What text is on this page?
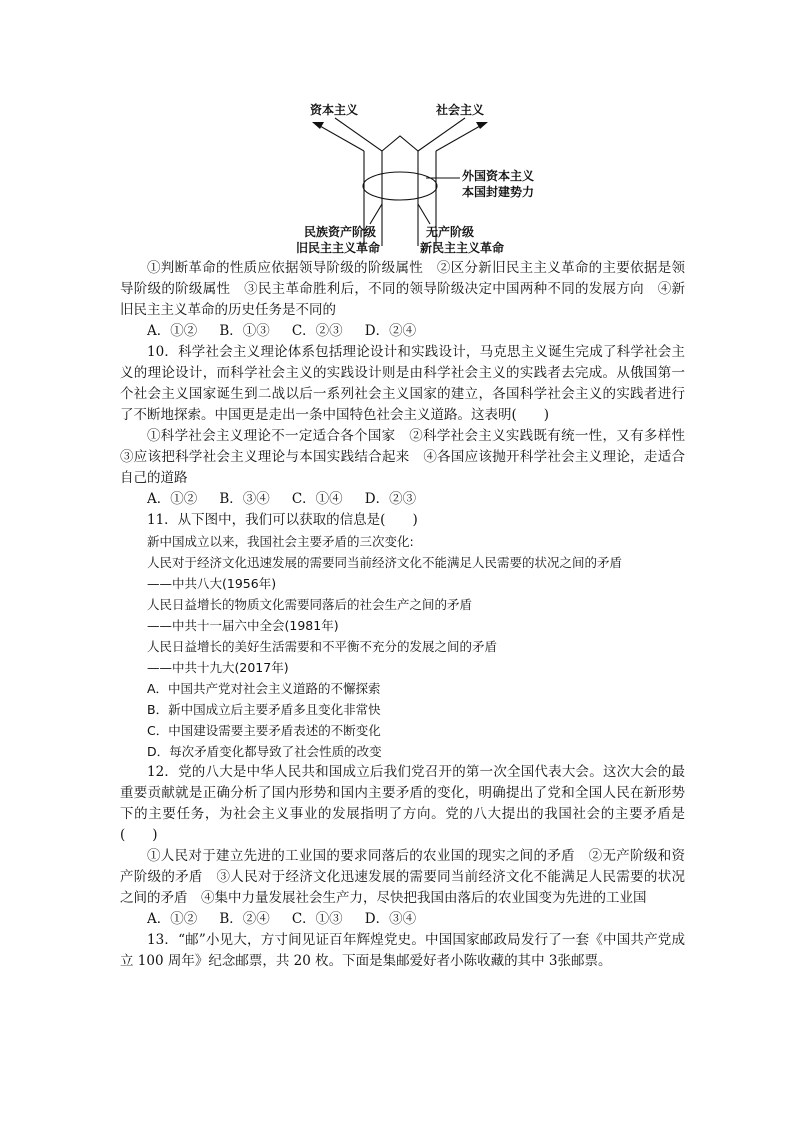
资本主义	社会主义
外国资本主义
本国封建势力
民族资产阶级
旧民主主义革命
无产阶级
新民主主义革命

①判断革命的性质应依据领导阶级的阶级属性　②区分新旧民主主义革命的主要依据是领导阶级的阶级属性　③民主革命胜利后，不同的领导阶级决定中国两种不同的发展方向　④新旧民主主义革命的历史任务是不同的

A．①②　  B．①③　  C．②③　  D．②④

10．科学社会主义理论体系包括理论设计和实践设计，马克思主义诞生完成了科学社会主义的理论设计，而科学社会主义的实践设计则是由科学社会主义的实践者去完成。从俄国第一个社会主义国家诞生到二战以后一系列社会主义国家的建立，各国科学社会主义的实践者进行了不断地探索。中国更是走出一条中国特色社会主义道路。这表明(　　)

①科学社会主义理论不一定适合各个国家　②科学社会主义实践既有统一性，又有多样性　③应该把科学社会主义理论与本国实践结合起来　④各国应该抛开科学社会主义理论，走适合自己的道路

A．①②　  B．③④　  C．①④　  D．②③

11．从下图中，我们可以获取的信息是(　　)

新中国成立以来，我国社会主要矛盾的三次变化:

人民对于经济文化迅速发展的需要同当前经济文化不能满足人民需要的状况之间的矛盾

——中共八大(1956年)

人民日益增长的物质文化需要同落后的社会生产之间的矛盾

——中共十一届六中全会(1981年)

人民日益增长的美好生活需要和不平衡不充分的发展之间的矛盾

——中共十九大(2017年)

A．中国共产党对社会主义道路的不懈探索

B．新中国成立后主要矛盾多且变化非常快

C．中国建设需要主要矛盾表述的不断变化

D．每次矛盾变化都导致了社会性质的改变

12．党的八大是中华人民共和国成立后我们党召开的第一次全国代表大会。这次大会的最重要贡献就是正确分析了国内形势和国内主要矛盾的变化，明确提出了党和全国人民在新形势下的主要任务，为社会主义事业的发展指明了方向。党的八大提出的我国社会的主要矛盾是(　　)

①人民对于建立先进的工业国的要求同落后的农业国的现实之间的矛盾　②无产阶级和资产阶级的矛盾　③人民对于经济文化迅速发展的需要同当前经济文化不能满足人民需要的状况之间的矛盾　④集中力量发展社会生产力，尽快把我国由落后的农业国变为先进的工业国

A．①②　  B．②④　  C．①③　  D．③④

13．“邮”小见大，方寸间见证百年辉煌党史。中国国家邮政局发行了一套《中国共产党成立 100 周年》纪念邮票，共 20 枚。下面是集邮爱好者小陈收藏的其中 3张邮票。
